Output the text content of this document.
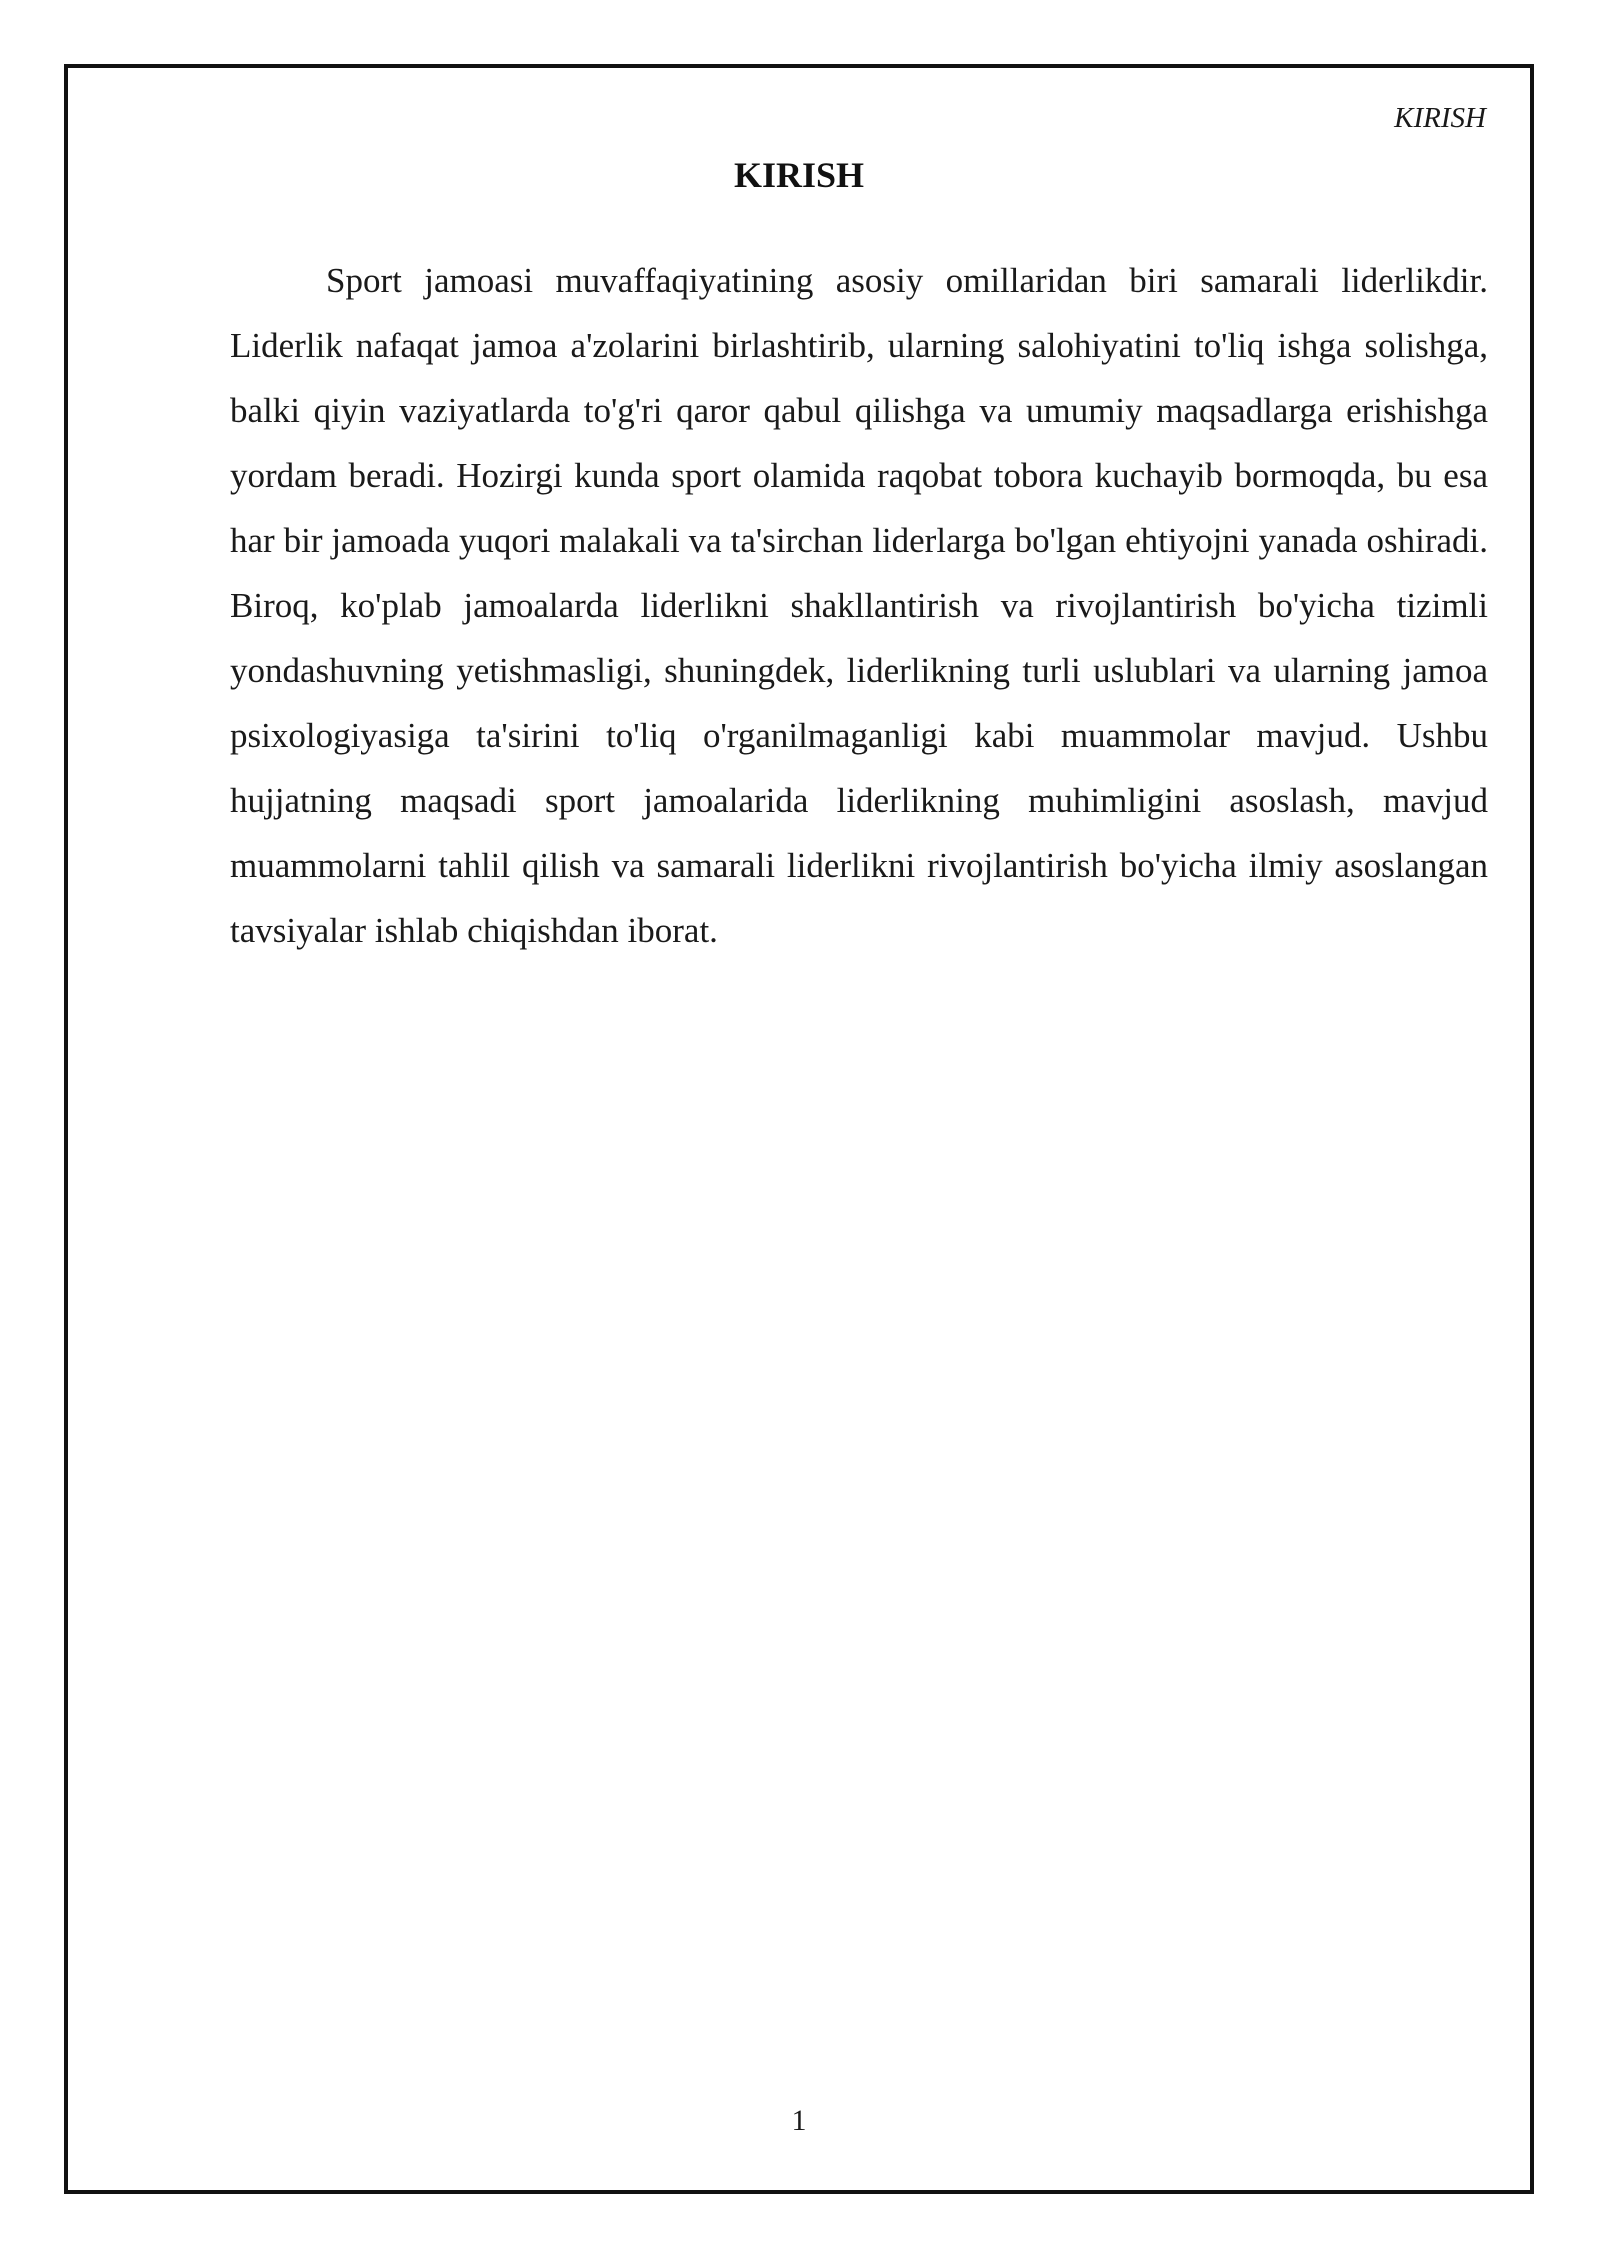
KIRISH
KIRISH

Sport jamoasi muvaffaqiyatining asosiy omillaridan biri samarali liderlikdir. Liderlik nafaqat jamoa a'zolarini birlashtirib, ularning salohiyatini to'liq ishga solishga, balki qiyin vaziyatlarda to'g'ri qaror qabul qilishga va umumiy maqsadlarga erishishga yordam beradi. Hozirgi kunda sport olamida raqobat tobora kuchayib bormoqda, bu esa har bir jamoada yuqori malakali va ta'sirchan liderlarga bo'lgan ehtiyojni yanada oshiradi. Biroq, ko'plab jamoalarda liderlikni shakllantirish va rivojlantirish bo'yicha tizimli yondashuvning yetishmasligi, shuningdek, liderlikning turli uslublari va ularning jamoa psixologiyasiga ta'sirini to'liq o'rganilmaganligi kabi muammolar mavjud. Ushbu hujjatning maqsadi sport jamoalarida liderlikning muhimligini asoslash, mavjud muammolarni tahlil qilish va samarali liderlikni rivojlantirish bo'yicha ilmiy asoslangan tavsiyalar ishlab chiqishdan iborat.

1
